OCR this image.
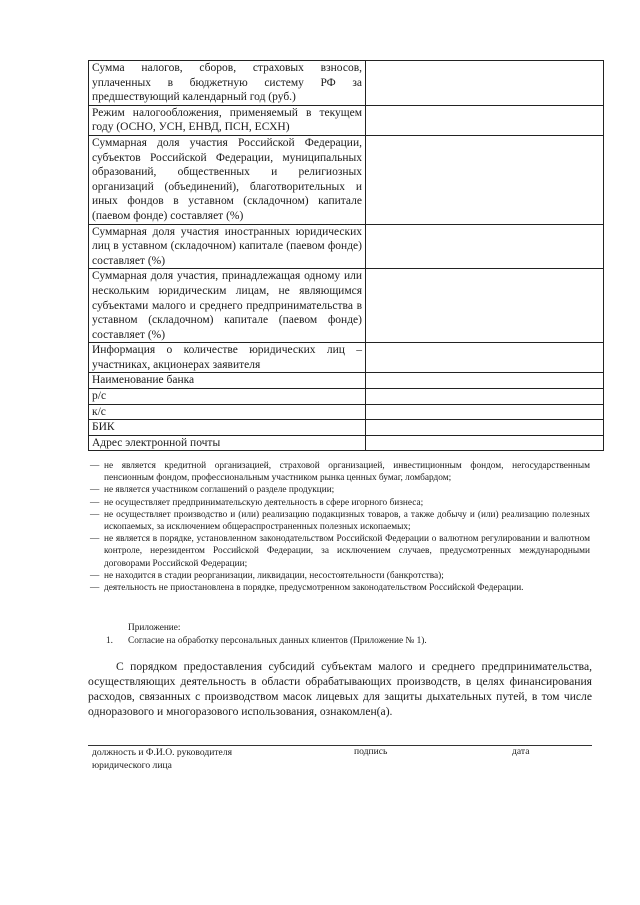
Сумма налогов, сборов, страховых взносов, уплаченных в бюджетную систему РФ за предшествующий календарный год (руб.)	
Режим налогообложения, применяемый в текущем году (ОСНО, УСН, ЕНВД, ПСН, ЕСХН)	
Суммарная доля участия Российской Федерации, субъектов Российской Федерации, муниципальных образований, общественных и религиозных организаций (объединений), благотворительных и иных фондов в уставном (складочном) капитале (паевом фонде) составляет (%)	
Суммарная доля участия иностранных юридических лиц в уставном (складочном) капитале (паевом фонде) составляет (%)	
Суммарная доля участия, принадлежащая одному или нескольким юридическим лицам, не являющимся субъектами малого и среднего предпринимательства в уставном (складочном) капитале (паевом фонде) составляет (%)	
Информация о количестве юридических лиц – участниках, акционерах заявителя	
Наименование банка	
р/с	
к/с	
БИК	
Адрес электронной почты	
— не является кредитной организацией, страховой организацией, инвестиционным фондом, негосударственным пенсионным фондом, профессиональным участником рынка ценных бумаг, ломбардом;
— не является участником соглашений о разделе продукции;
— не осуществляет предпринимательскую деятельность в сфере игорного бизнеса;
— не осуществляет производство и (или) реализацию подакцизных товаров, а также добычу и (или) реализацию полезных ископаемых, за исключением общераспространенных полезных ископаемых;
— не является в порядке, установленном законодательством Российской Федерации о валютном регулировании и валютном контроле, нерезидентом Российской Федерации, за исключением случаев, предусмотренных международными договорами Российской Федерации;
— не находится в стадии реорганизации, ликвидации, несостоятельности (банкротства);
— деятельность не приостановлена в порядке, предусмотренном законодательством Российской Федерации.
Приложение:
1. Согласие на обработку персональных данных клиентов (Приложение № 1).

С порядком предоставления субсидий субъектам малого и среднего предпринимательства, осуществляющих деятельность в области обрабатывающих производств, в целях финансирования расходов, связанных с производством масок лицевых для защиты дыхательных путей, в том числе одноразового и многоразового использования, ознакомлен(а).

должность и Ф.И.О. руководителя юридического лица
подпись	дата
